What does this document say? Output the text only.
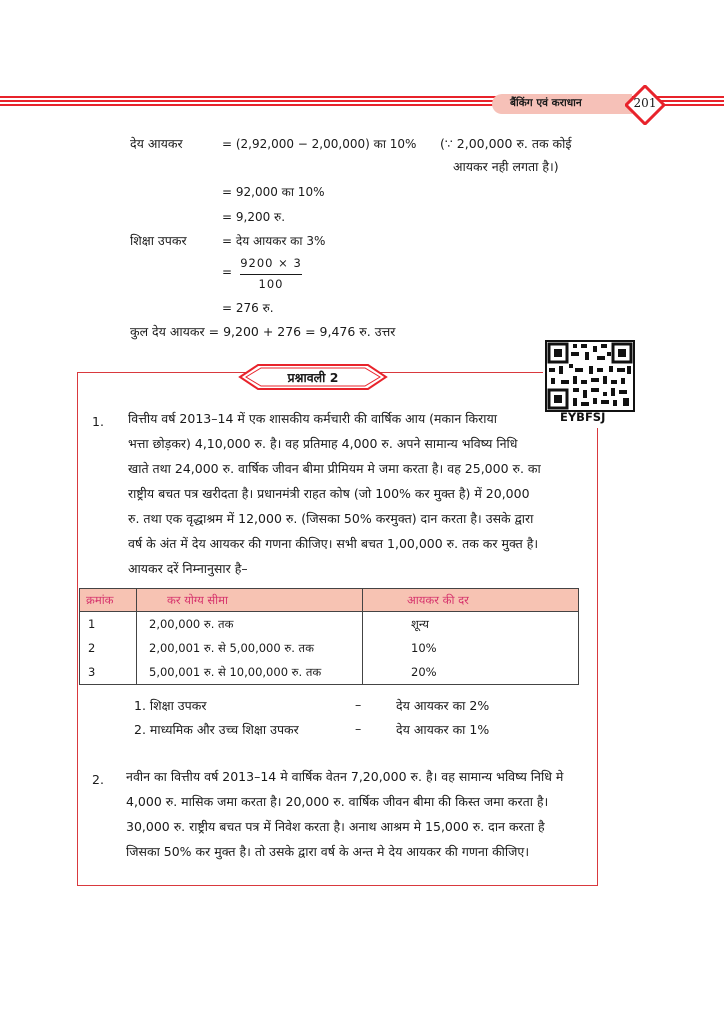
बैंकिंग एवं कराधान	201
देय आयकर	= (2,92,000 − 2,00,000) का 10% (∵ 2,00,000 रु. तक कोई
आयकर नही लगता है।)
= 92,000 का 10%
= 9,200 रु.
शिक्षा उपकर	= देय आयकर का 3%
=
9200 × 3
100
= 276 रु.
कुल देय आयकर = 9,200 + 276 = 9,476 रु. उत्तर
प्रश्नावली 2
EYBFSJ
1. वित्तीय वर्ष 2013–14 में एक शासकीय कर्मचारी की वार्षिक आय (मकान किराया
भत्ता छोड़कर) 4,10,000 रु. है। वह प्रतिमाह 4,000 रु. अपने सामान्य भविष्य निधि
खाते तथा 24,000 रु. वार्षिक जीवन बीमा प्रीमियम मे जमा करता है। वह 25,000 रु. का
राष्ट्रीय बचत पत्र खरीदता है। प्रधानमंत्री राहत कोष (जो 100% कर मुक्त है) में 20,000
रु. तथा एक वृद्धाश्रम में 12,000 रु. (जिसका 50% करमुक्त) दान करता है। उसके द्वारा
वर्ष के अंत में देय आयकर की गणना कीजिए। सभी बचत 1,00,000 रु. तक कर मुक्त है।
आयकर दरें निम्नानुसार है–
क्रमांक	कर योग्य सीमा	आयकर की दर
1	2,00,000 रु. तक	शून्य
2	2,00,001 रु. से 5,00,000 रु. तक	10%
3	5,00,001 रु. से 10,00,000 रु. तक	20%
1. शिक्षा उपकर	–	देय आयकर का 2%
2. माध्यमिक और उच्च शिक्षा उपकर	–	देय आयकर का 1%
2. नवीन का वित्तीय वर्ष 2013–14 मे वार्षिक वेतन 7,20,000 रु. है। वह सामान्य भविष्य निधि मे
4,000 रु. मासिक जमा करता है। 20,000 रु. वार्षिक जीवन बीमा की किस्त जमा करता है।
30,000 रु. राष्ट्रीय बचत पत्र में निवेश करता है। अनाथ आश्रम मे 15,000 रु. दान करता है
जिसका 50% कर मुक्त है। तो उसके द्वारा वर्ष के अन्त मे देय आयकर की गणना कीजिए।
